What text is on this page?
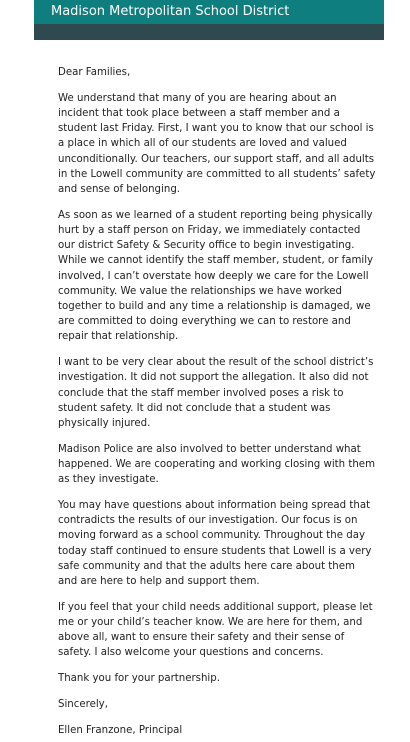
Madison Metropolitan School District

Dear Families,

We understand that many of you are hearing about an incident that took place between a staff member and a student last Friday. First, I want you to know that our school is a place in which all of our students are loved and valued unconditionally. Our teachers, our support staff, and all adults in the Lowell community are committed to all students’ safety and sense of belonging.

As soon as we learned of a student reporting being physically hurt by a staff person on Friday, we immediately contacted our district Safety & Security office to begin investigating. While we cannot identify the staff member, student, or family involved, I can’t overstate how deeply we care for the Lowell community. We value the relationships we have worked together to build and any time a relationship is damaged, we are committed to doing everything we can to restore and repair that relationship.

I want to be very clear about the result of the school district’s investigation. It did not support the allegation. It also did not conclude that the staff member involved poses a risk to student safety. It did not conclude that a student was physically injured.

Madison Police are also involved to better understand what happened. We are cooperating and working closing with them as they investigate.

You may have questions about information being spread that contradicts the results of our investigation. Our focus is on moving forward as a school community. Throughout the day today staff continued to ensure students that Lowell is a very safe community and that the adults here care about them and are here to help and support them.

If you feel that your child needs additional support, please let me or your child’s teacher know. We are here for them, and above all, want to ensure their safety and their sense of safety. I also welcome your questions and concerns.

Thank you for your partnership.

Sincerely,

Ellen Franzone, Principal
